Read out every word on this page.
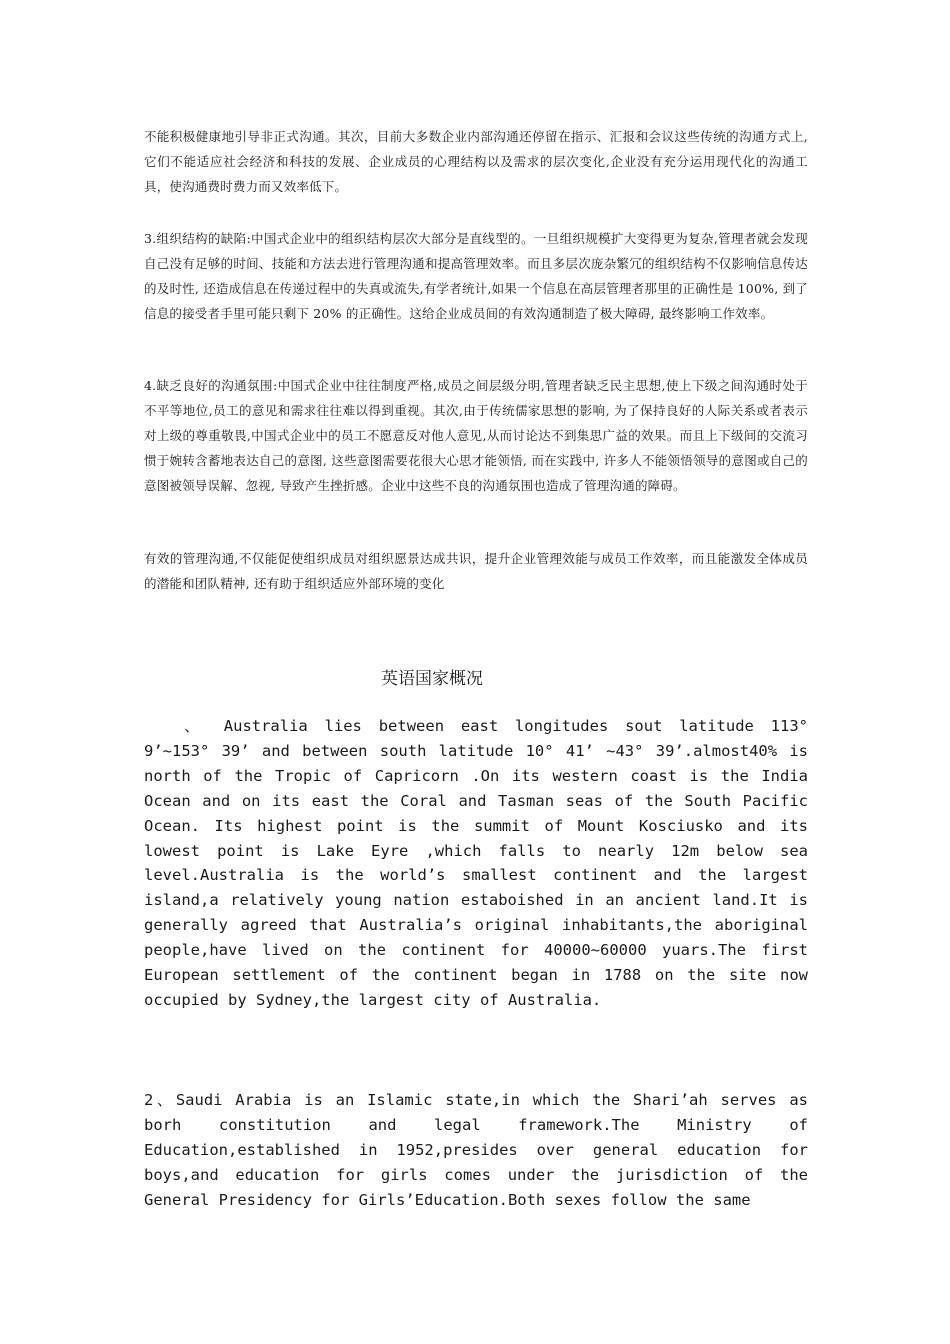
不能积极健康地引导非正式沟通。其次，目前大多数企业内部沟通还停留在指示、汇报和会议这些传统的沟通方式上,它们不能适应社会经济和科技的发展、企业成员的心理结构以及需求的层次变化,企业没有充分运用现代化的沟通工具，使沟通费时费力而又效率低下。

3.组织结构的缺陷:中国式企业中的组织结构层次大部分是直线型的。一旦组织规模扩大变得更为复杂,管理者就会发现自己没有足够的时间、技能和方法去进行管理沟通和提高管理效率。而且多层次庞杂繁冗的组织结构不仅影响信息传达的及时性, 还造成信息在传递过程中的失真或流失,有学者统计,如果一个信息在高层管理者那里的正确性是 100%, 到了信息的接受者手里可能只剩下 20% 的正确性。这给企业成员间的有效沟通制造了极大障碍, 最终影响工作效率。

4.缺乏良好的沟通氛围:中国式企业中往往制度严格,成员之间层级分明,管理者缺乏民主思想,使上下级之间沟通时处于不平等地位,员工的意见和需求往往难以得到重视。其次,由于传统儒家思想的影响, 为了保持良好的人际关系或者表示对上级的尊重敬畏,中国式企业中的员工不愿意反对他人意见,从而讨论达不到集思广益的效果。而且上下级间的交流习惯于婉转含蓄地表达自己的意图, 这些意图需要花很大心思才能领悟, 而在实践中, 许多人不能领悟领导的意图或自己的意图被领导误解、忽视, 导致产生挫折感。企业中这些不良的沟通氛围也造成了管理沟通的障碍。

有效的管理沟通,不仅能促使组织成员对组织愿景达成共识，提升企业管理效能与成员工作效率，而且能激发全体成员的潜能和团队精神, 还有助于组织适应外部环境的变化

英语国家概况

、 Australia lies between east longitudes sout latitude 113° 9’~153° 39’ and between south latitude 10° 41’ ~43° 39’.almost40% is north of the Tropic of Capricorn .On its western coast is the India Ocean and on its east the Coral and Tasman seas of the South Pacific Ocean. Its highest point is the summit of Mount Kosciusko and its lowest point is Lake Eyre ,which falls to nearly 12m below sea level.Australia is the world’s smallest continent and the largest island,a relatively young nation estaboished in an ancient land.It is generally agreed that Australia’s original inhabitants,the aboriginal people,have lived on the continent for 40000~60000 yuars.The first European settlement of the continent began in 1788 on the site now occupied by Sydney,the largest city of Australia.

2、Saudi Arabia is an Islamic state,in which the Shari’ah serves as borh constitution and legal framework.The Ministry of Education,established in 1952,presides over general education for boys,and education for girls comes under the jurisdiction of the General Presidency for Girls’Education.Both sexes follow the same
